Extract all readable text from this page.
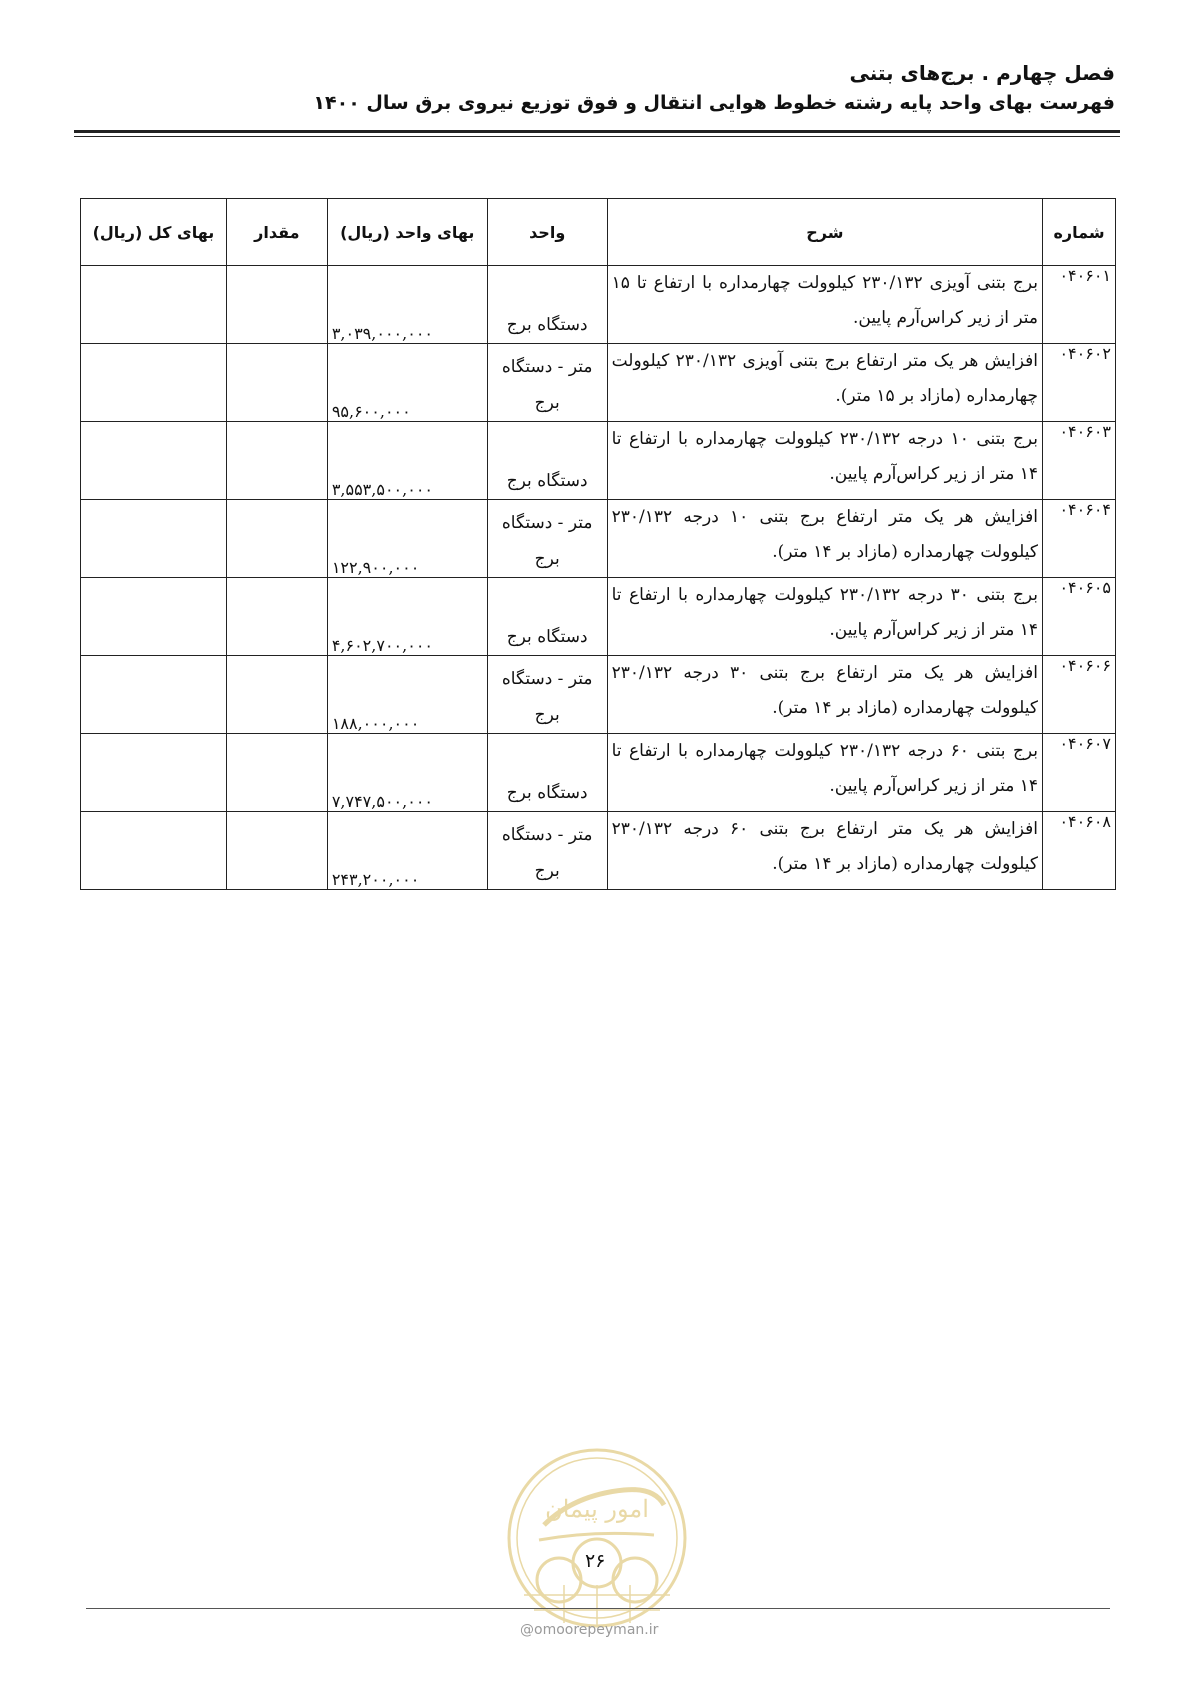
فصل چهارم . برج‌های بتنی
فهرست بهای واحد پایه رشته خطوط هوایی انتقال و فوق توزیع نیروی برق سال ۱۴۰۰
شماره	شرح	واحد	بهای واحد (ریال)	مقدار	بهای کل (ریال)
۰۴۰۶۰۱	برج بتنی آویزی ۲۳۰/۱۳۲ کیلوولت چهارمداره با ارتفاع تا ۱۵ متر از زیر کراس‌آرم پایین.	دستگاه برج	۳,۰۳۹,۰۰۰,۰۰۰		
۰۴۰۶۰۲	افزایش هر یک متر ارتفاع برج بتنی آویزی ۲۳۰/۱۳۲ کیلوولت چهارمداره (مازاد بر ۱۵ متر).	متر - دستگاه برج	۹۵,۶۰۰,۰۰۰		
۰۴۰۶۰۳	برج بتنی ۱۰ درجه ۲۳۰/۱۳۲ کیلوولت چهارمداره با ارتفاع تا ۱۴ متر از زیر کراس‌آرم پایین.	دستگاه برج	۳,۵۵۳,۵۰۰,۰۰۰		
۰۴۰۶۰۴	افزایش هر یک متر ارتفاع برج بتنی ۱۰ درجه ۲۳۰/۱۳۲ کیلوولت چهارمداره (مازاد بر ۱۴ متر).	متر - دستگاه برج	۱۲۲,۹۰۰,۰۰۰		
۰۴۰۶۰۵	برج بتنی ۳۰ درجه ۲۳۰/۱۳۲ کیلوولت چهارمداره با ارتفاع تا ۱۴ متر از زیر کراس‌آرم پایین.	دستگاه برج	۴,۶۰۲,۷۰۰,۰۰۰		
۰۴۰۶۰۶	افزایش هر یک متر ارتفاع برج بتنی ۳۰ درجه ۲۳۰/۱۳۲ کیلوولت چهارمداره (مازاد بر ۱۴ متر).	متر - دستگاه برج	۱۸۸,۰۰۰,۰۰۰		
۰۴۰۶۰۷	برج بتنی ۶۰ درجه ۲۳۰/۱۳۲ کیلوولت چهارمداره با ارتفاع تا ۱۴ متر از زیر کراس‌آرم پایین.	دستگاه برج	۷,۷۴۷,۵۰۰,۰۰۰		
۰۴۰۶۰۸	افزایش هر یک متر ارتفاع برج بتنی ۶۰ درجه ۲۳۰/۱۳۲ کیلوولت چهارمداره (مازاد بر ۱۴ متر).	متر - دستگاه برج	۲۴۳,۲۰۰,۰۰۰		
امور پیمان
۲۶
@omoorepeyman.ir
